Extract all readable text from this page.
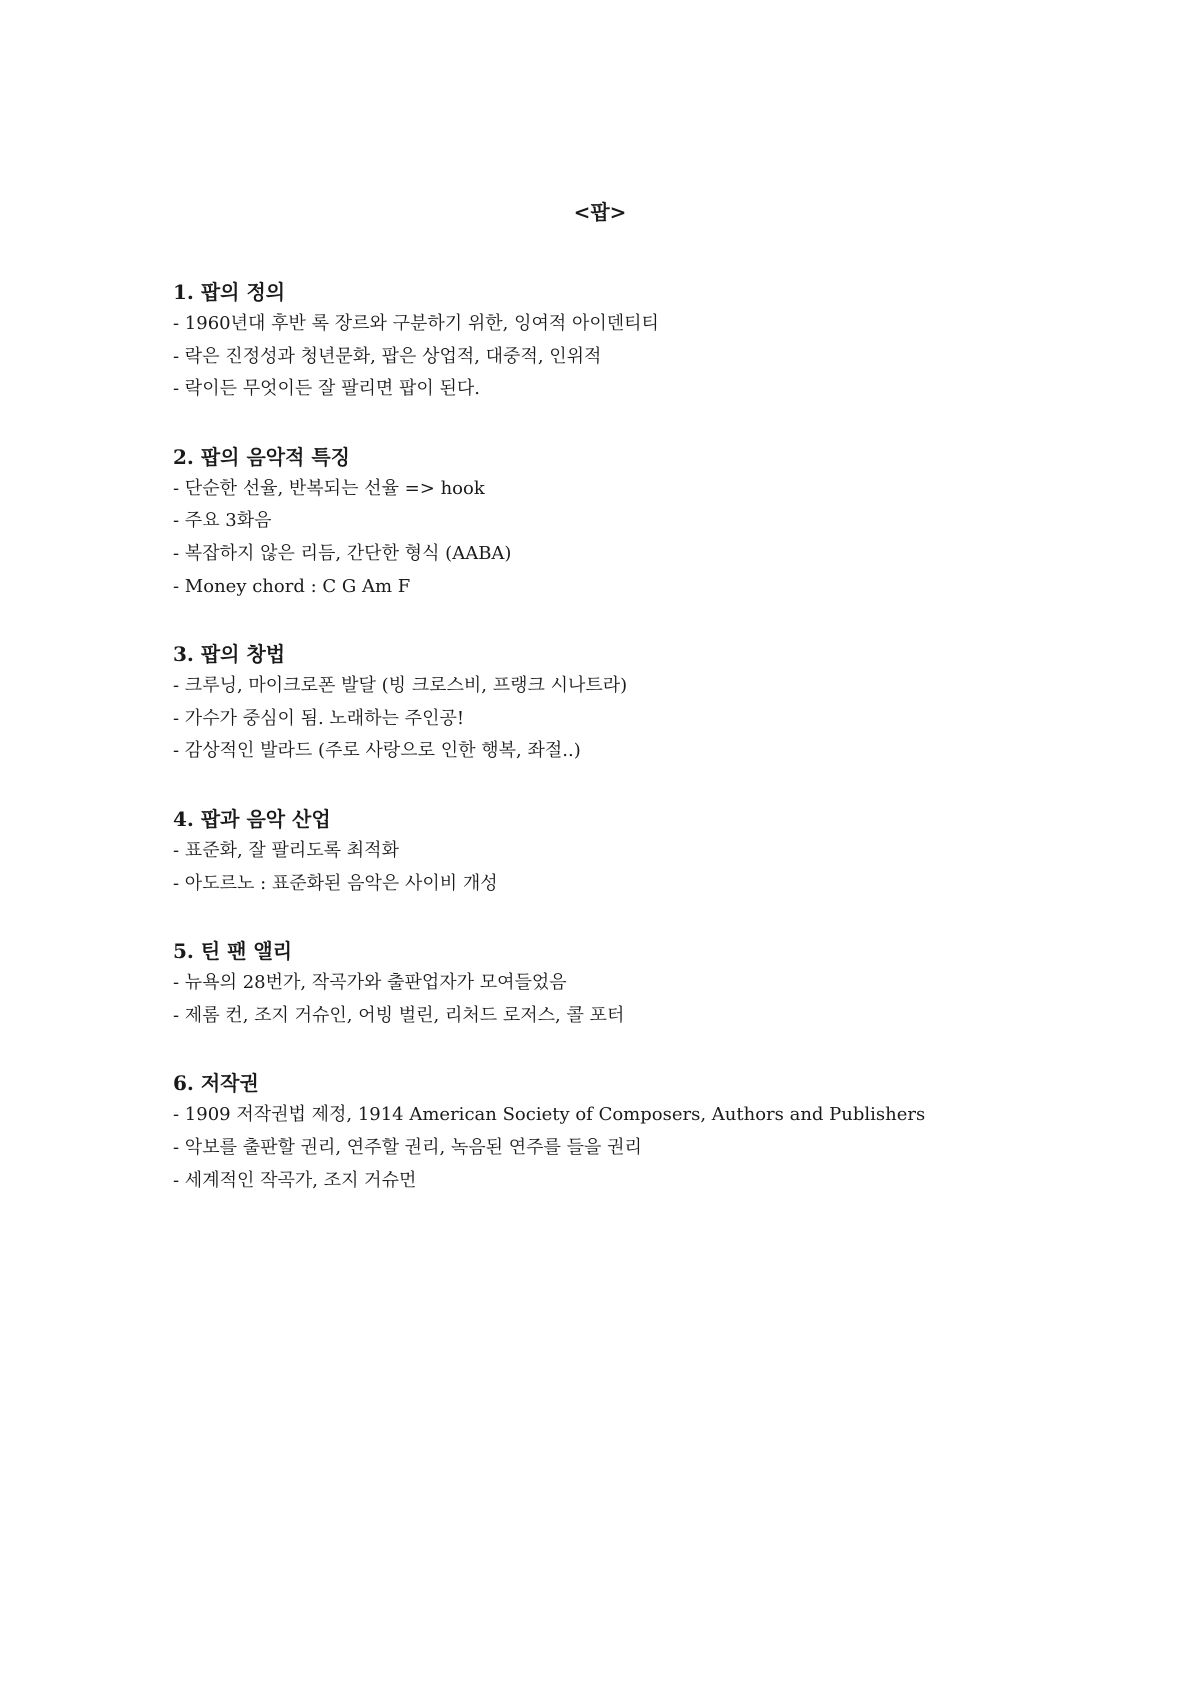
<팝>
1. 팝의 정의
- 1960년대 후반 록 장르와 구분하기 위한, 잉여적 아이덴티티
- 락은 진정성과 청년문화, 팝은 상업적, 대중적, 인위적
- 락이든 무엇이든 잘 팔리면 팝이 된다.
2. 팝의 음악적 특징
- 단순한 선율, 반복되는 선율 => hook
- 주요 3화음
- 복잡하지 않은 리듬, 간단한 형식 (AABA)
- Money chord : C G Am F
3. 팝의 창법
- 크루닝, 마이크로폰 발달 (빙 크로스비, 프랭크 시나트라)
- 가수가 중심이 됨. 노래하는 주인공!
- 감상적인 발라드 (주로 사랑으로 인한 행복, 좌절..)
4. 팝과 음악 산업
- 표준화, 잘 팔리도록 최적화
- 아도르노 : 표준화된 음악은 사이비 개성
5. 틴 팬 앨리
- 뉴욕의 28번가, 작곡가와 출판업자가 모여들었음
- 제롬 컨, 조지 거슈인, 어빙 벌린, 리처드 로저스, 콜 포터
6. 저작권
- 1909 저작권법 제정, 1914 American Society of Composers, Authors and Publishers
- 악보를 출판할 권리, 연주할 권리, 녹음된 연주를 들을 권리
- 세계적인 작곡가, 조지 거슈먼
